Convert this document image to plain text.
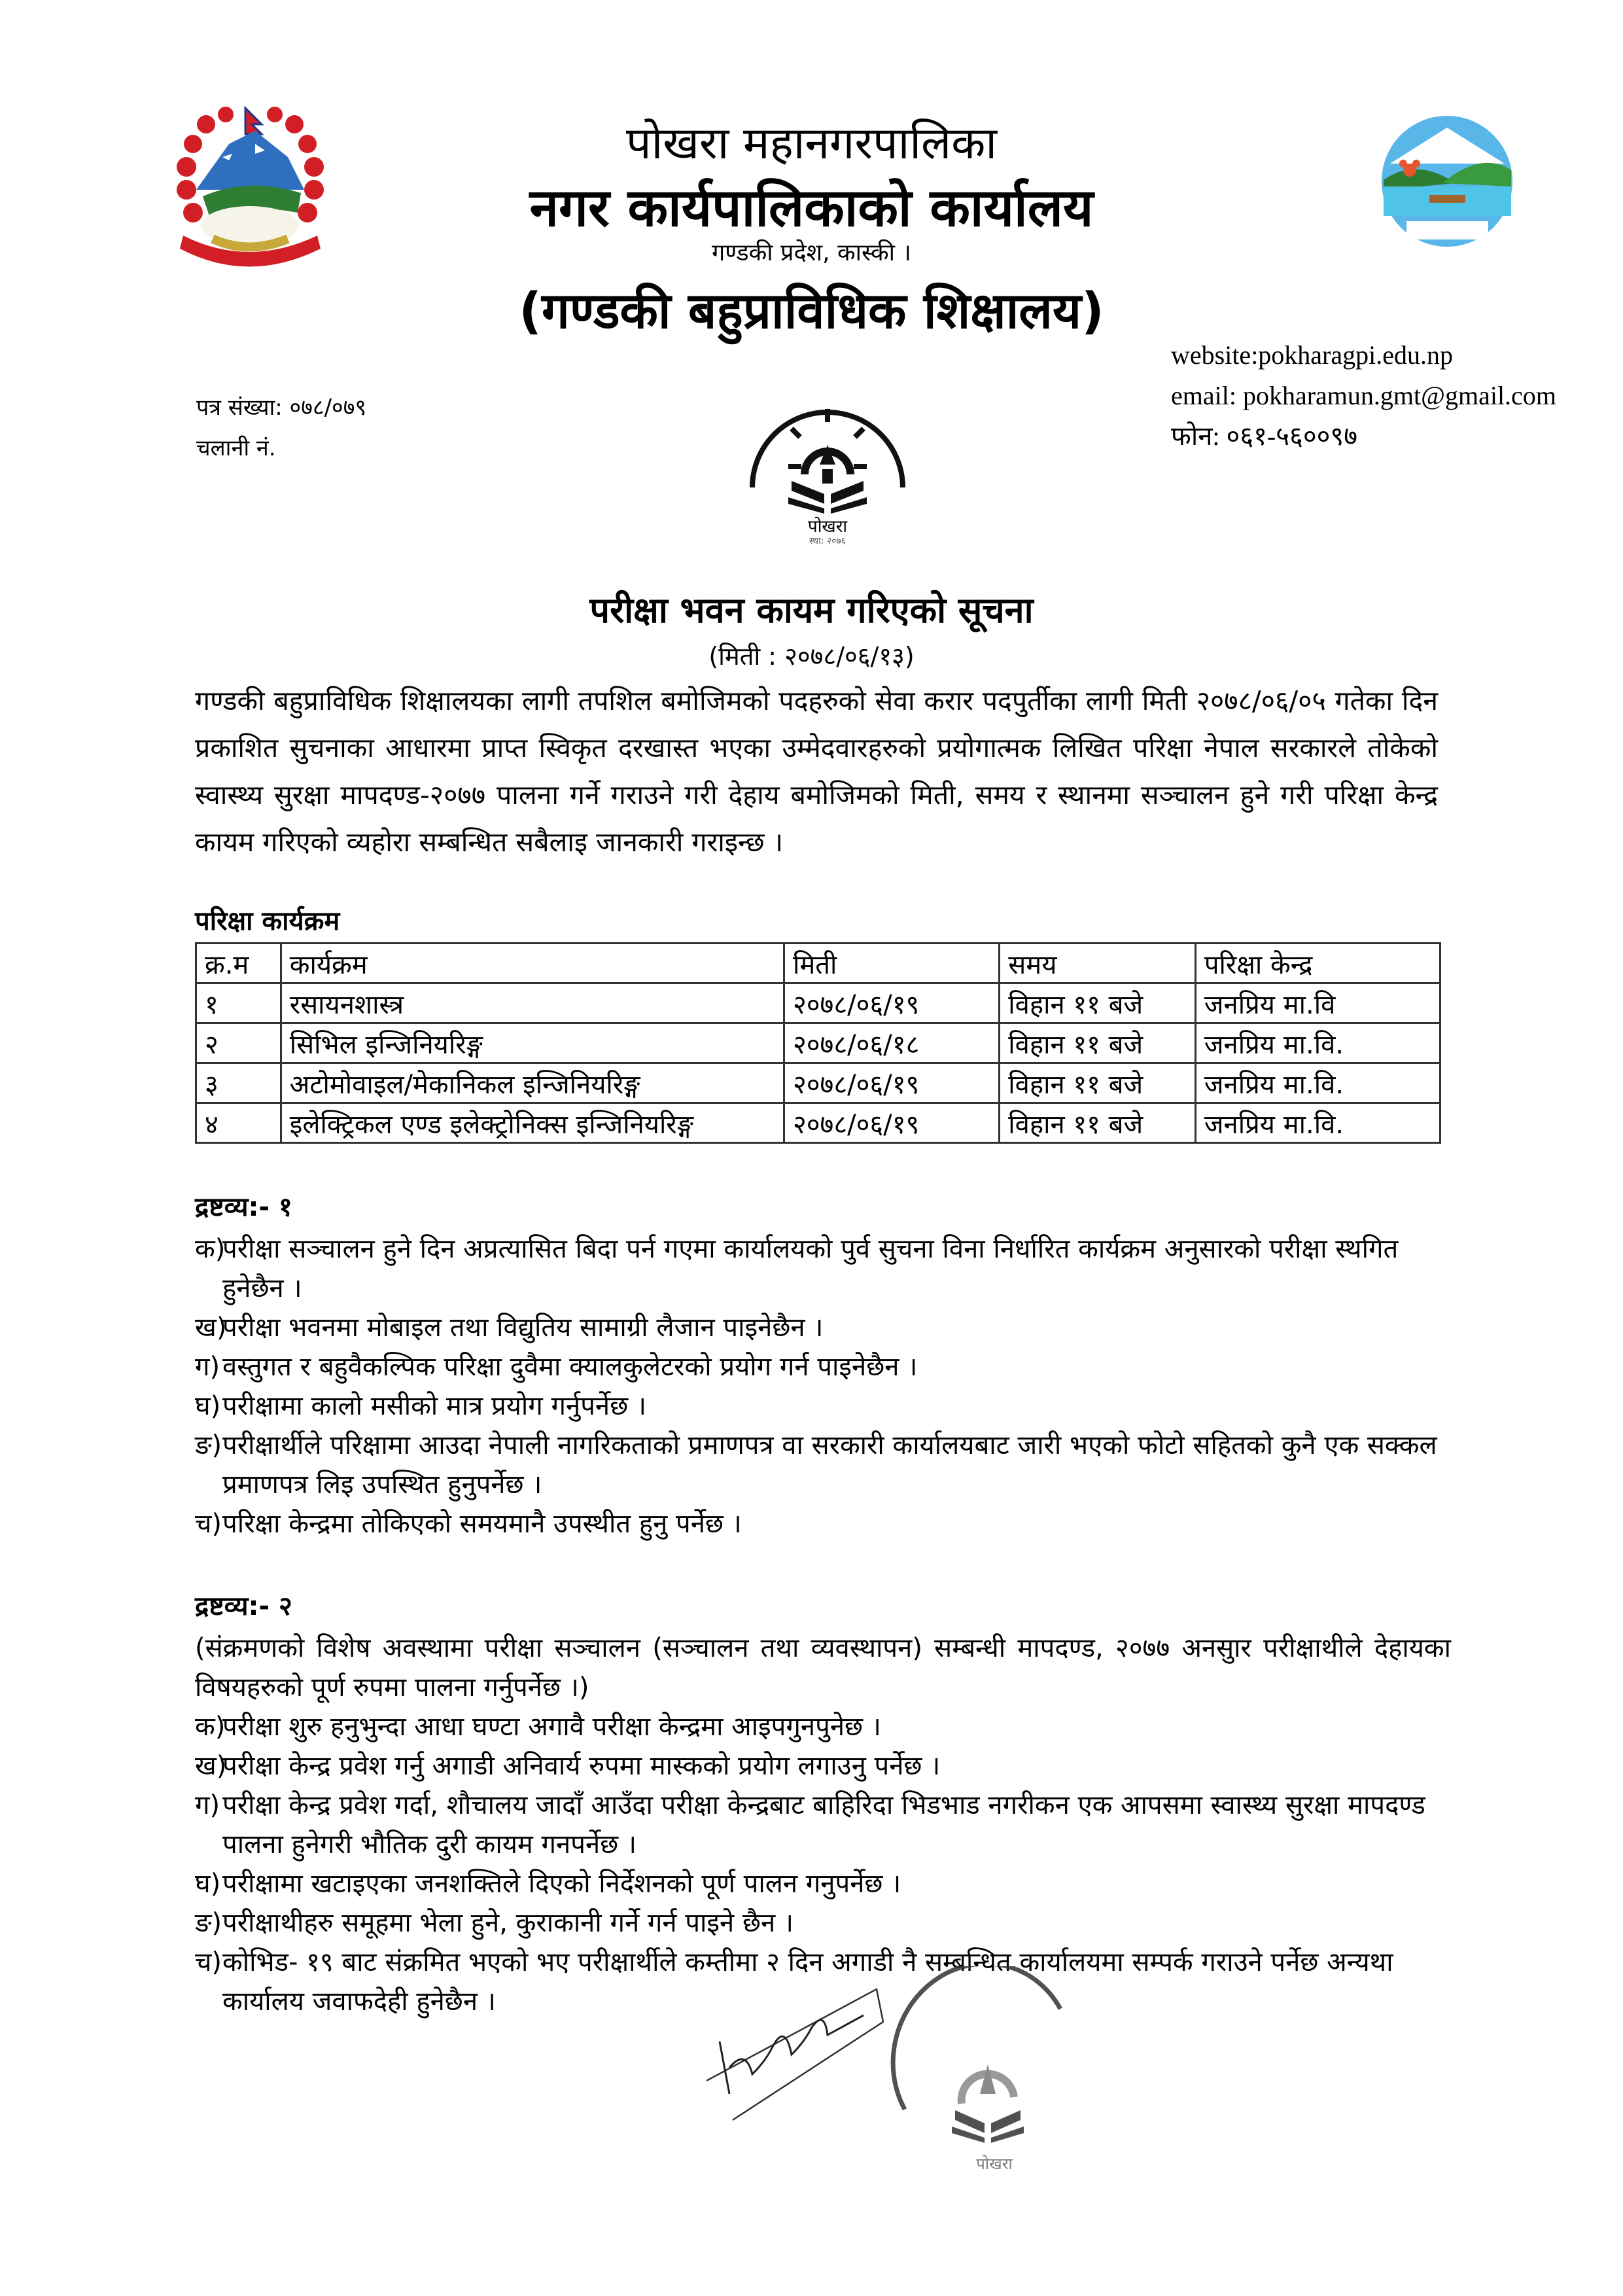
पोखरा महानगरपालिका
नगर कार्यपालिकाको कार्यालय
गण्डकी प्रदेश, कास्की ।
(गण्डकी बहुप्राविधिक शिक्षालय)
website:pokharagpi.edu.np
email: pokharamun.gmt@gmail.com
फोन: ०६१-५६००९७
पत्र संख्या: ०७८/०७९
चलानी नं.
पोखरा
स्था: २०७६
परीक्षा भवन कायम गरिएको सूचना
(मिती : २०७८/०६/१३)
गण्डकी बहुप्राविधिक शिक्षालयका लागी तपशिल बमोजिमको पदहरुको सेवा करार पदपुर्तीका लागी मिती २०७८/०६/०५ गतेका दिन प्रकाशित सुचनाका आधारमा प्राप्त स्विकृत दरखास्त भएका उम्मेदवारहरुको प्रयोगात्मक लिखित परिक्षा नेपाल सरकारले तोकेको स्वास्थ्य सुरक्षा मापदण्ड-२०७७ पालना गर्ने गराउने गरी देहाय बमोजिमको मिती, समय र स्थानमा सञ्चालन हुने गरी परिक्षा केन्द्र कायम गरिएको व्यहोरा सम्बन्धित सबैलाइ जानकारी गराइन्छ ।
परिक्षा कार्यक्रम
क्र.म	कार्यक्रम	मिती	समय	परिक्षा केन्द्र
१	रसायनशास्त्र	२०७८/०६/१९	विहान ११ बजे	जनप्रिय मा.वि
२	सिभिल इन्जिनियरिङ्ग	२०७८/०६/१८	विहान ११ बजे	जनप्रिय मा.वि.
३	अटोमोवाइल/मेकानिकल इन्जिनियरिङ्ग	२०७८/०६/१९	विहान ११ बजे	जनप्रिय मा.वि.
४	इलेक्ट्रिकल एण्ड इलेक्ट्रोनिक्स इन्जिनियरिङ्ग	२०७८/०६/१९	विहान ११ बजे	जनप्रिय मा.वि.
द्रष्टव्य:- १
क)
परीक्षा सञ्चालन हुने दिन अप्रत्यासित बिदा पर्न गएमा कार्यालयको पुर्व सुचना विना निर्धारित कार्यक्रम अनुसारको परीक्षा स्थगित हुनेछैन ।
ख)
परीक्षा भवनमा मोबाइल तथा विद्युतिय सामाग्री लैजान पाइनेछैन ।
ग) वस्तुगत र बहुवैकल्पिक परिक्षा दुवैमा क्यालकुलेटरको प्रयोग गर्न पाइनेछैन ।
घ) परीक्षामा कालो मसीको मात्र प्रयोग गर्नुपर्नेछ ।
ङ) परीक्षार्थीले परिक्षामा आउदा नेपाली नागरिकताको प्रमाणपत्र वा सरकारी कार्यालयबाट जारी भएको फोटो सहितको कुनै एक सक्कल प्रमाणपत्र लिइ उपस्थित हुनुपर्नेछ ।
च) परिक्षा केन्द्रमा तोकिएको समयमानै उपस्थीत हुनु पर्नेछ ।
द्रष्टव्य:- २
(संक्रमणको विशेष अवस्थामा परीक्षा सञ्चालन (सञ्चालन तथा व्यवस्थापन) सम्बन्धी मापदण्ड, २०७७ अनसुार परीक्षाथीले देहायका विषयहरुको पूर्ण रुपमा पालना गर्नुपर्नेछ ।)
क)
परीक्षा शुरु हनुभुन्दा आधा घण्टा अगावै परीक्षा केन्द्रमा आइपगुनपुनेछ ।
ख)
परीक्षा केन्द्र प्रवेश गर्नु अगाडी अनिवार्य रुपमा मास्कको प्रयोग लगाउनु पर्नेछ ।
ग) परीक्षा केन्द्र प्रवेश गर्दा, शौचालय जादाँ आउँदा परीक्षा केन्द्रबाट बाहिरिदा भिडभाड नगरीकन एक आपसमा स्वास्थ्य सुरक्षा मापदण्ड पालना हुनेगरी भौतिक दुरी कायम गनपर्नेछ ।
घ) परीक्षामा खटाइएका जनशक्तिले दिएको निर्देशनको पूर्ण पालन गनुपर्नेछ ।
ङ) परीक्षाथीहरु समूहमा भेला हुने, कुराकानी गर्ने गर्न पाइने छैन ।
च) कोभिड- १९ बाट संक्रमित भएको भए परीक्षार्थीले कम्तीमा २ दिन अगाडी नै सम्बन्धित कार्यालयमा सम्पर्क गराउने पर्नेछ अन्यथा कार्यालय जवाफदेही हुनेछैन ।
पोखरा
